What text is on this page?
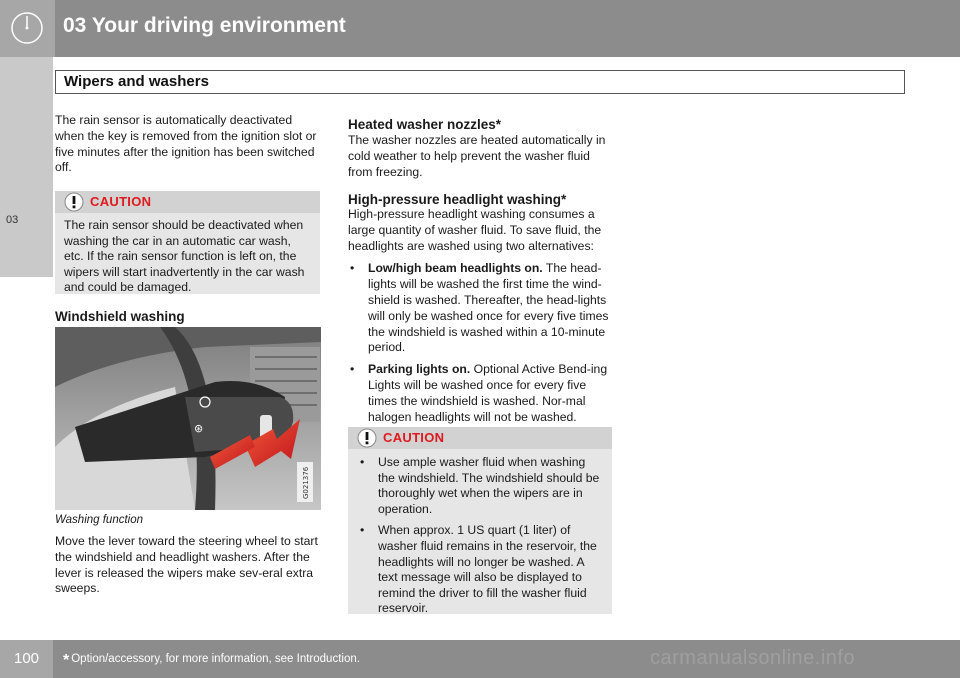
03 Your driving environment
03
Wipers and washers

The rain sensor is automatically deactivated when the key is removed from the ignition slot or five minutes after the ignition has been switched off.

CAUTION
The rain sensor should be deactivated when washing the car in an automatic car wash, etc. If the rain sensor function is left on, the wipers will start inadvertently in the car wash and could be damaged.
Windshield washing
⊛
G021376
Washing function

Move the lever toward the steering wheel to start the windshield and headlight washers. After the lever is released the wipers make sev-eral extra sweeps.

Heated washer nozzles*

The washer nozzles are heated automatically in cold weather to help prevent the washer fluid from freezing.

High-pressure headlight washing*

High-pressure headlight washing consumes a large quantity of washer fluid. To save fluid, the headlights are washed using two alternatives:

• Low/high beam headlights on. The head-lights will be washed the first time the wind-shield is washed. Thereafter, the head-lights will only be washed once for every five times the windshield is washed within a 10-minute period.
• Parking lights on. Optional Active Bend-ing Lights will be washed once for every five times the windshield is washed. Nor-mal halogen headlights will not be washed.
CAUTION
• Use ample washer fluid when washing the windshield. The windshield should be thoroughly wet when the wipers are in operation.
• When approx. 1 US quart (1 liter) of washer fluid remains in the reservoir, the headlights will no longer be washed. A text message will also be displayed to remind the driver to fill the washer fluid reservoir.
100	* Option/accessory, for more information, see Introduction.	carmanualsonline.info
